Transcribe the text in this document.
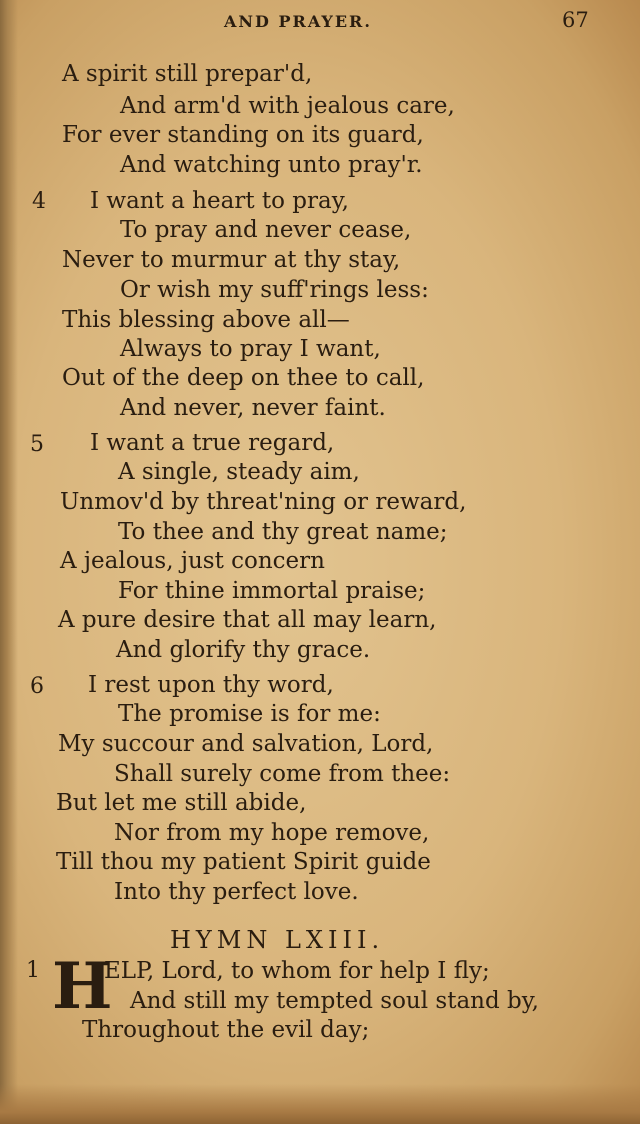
AND PRAYER.	67
A spirit still prepar'd,
And arm'd with jealous care,
For ever standing on its guard,
And watching unto pray'r.
4 I want a heart to pray,
To pray and never cease,
Never to murmur at thy stay,
Or wish my suff'rings less:
This blessing above all—
Always to pray I want,
Out of the deep on thee to call,
And never, never faint.
5 I want a true regard,
A single, steady aim,
Unmov'd by threat'ning or reward,
To thee and thy great name;
A jealous, just concern
For thine immortal praise;
A pure desire that all may learn,
And glorify thy grace.
6 I rest upon thy word,
The promise is for me:
My succour and salvation, Lord,
Shall surely come from thee:
But let me still abide,
Nor from my hope remove,
Till thou my patient Spirit guide
Into thy perfect love.
HYMN LXIII.
1 H
ELP, Lord, to whom for help I fly;
And still my tempted soul stand by,
Throughout the evil day;
